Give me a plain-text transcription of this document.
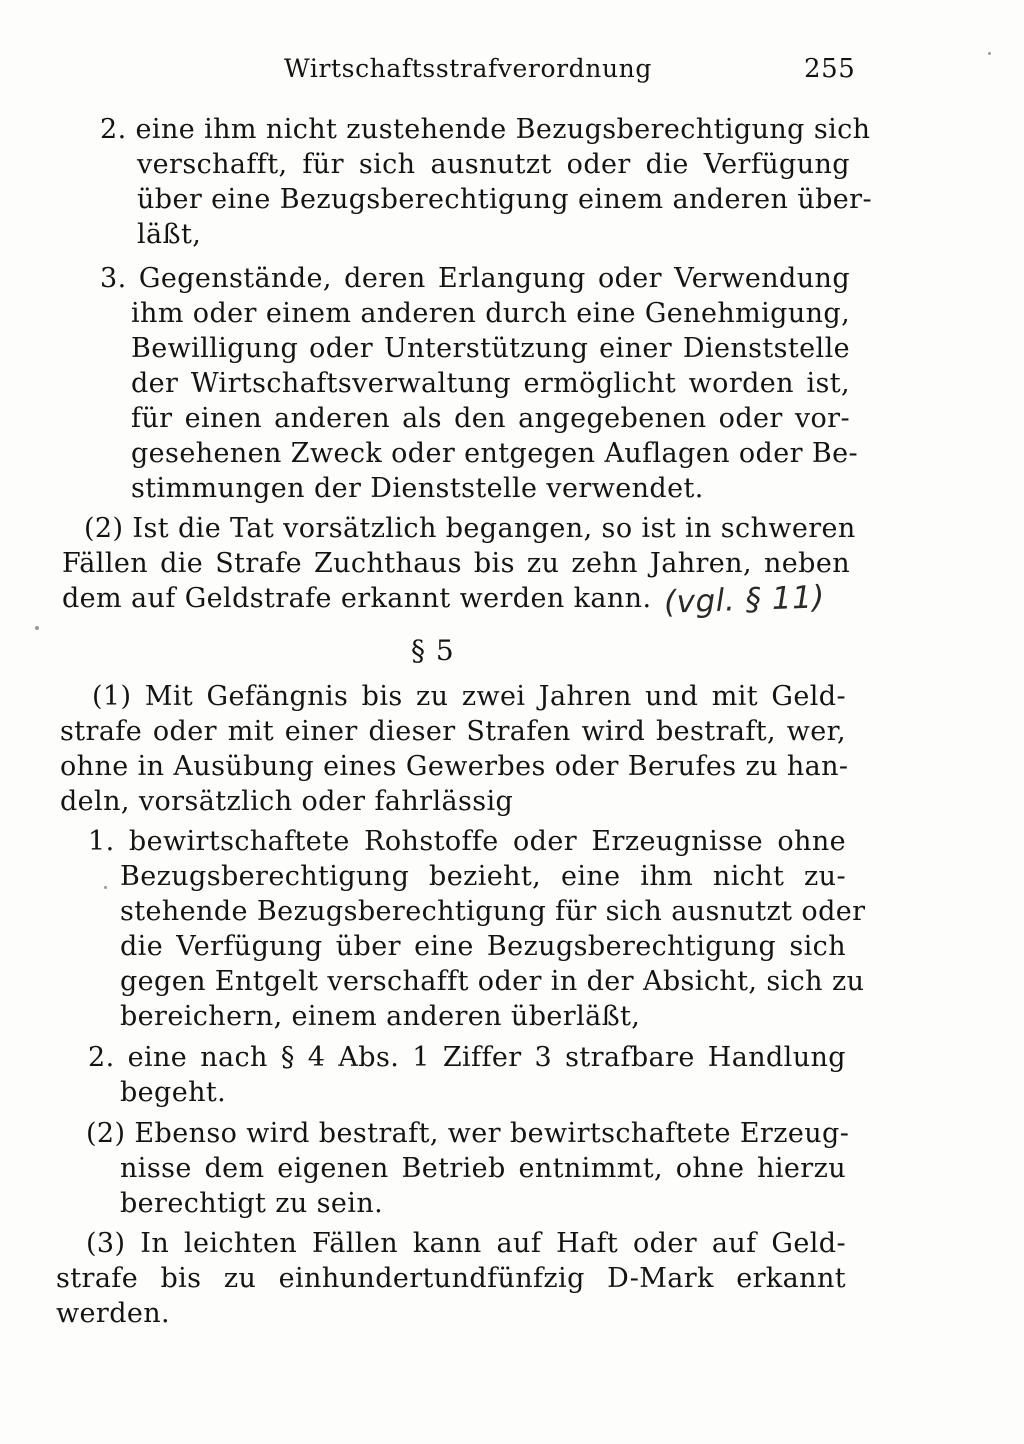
Wirtschaftsstrafverordnung	255
2. eine ihm nicht zustehende Bezugsberechtigung sich
verschafft, für sich ausnutzt oder die Verfügung
über eine Bezugsberechtigung einem anderen über-
läßt,
3. Gegenstände, deren Erlangung oder Verwendung
ihm oder einem anderen durch eine Genehmigung,
Bewilligung oder Unterstützung einer Dienststelle
der Wirtschaftsverwaltung ermöglicht worden ist,
für einen anderen als den angegebenen oder vor-
gesehenen Zweck oder entgegen Auflagen oder Be-
stimmungen der Dienststelle verwendet.
(2) Ist die Tat vorsätzlich begangen, so ist in schweren
Fällen die Strafe Zuchthaus bis zu zehn Jahren, neben
dem auf Geldstrafe erkannt werden kann. (vgl. § 11)
§ 5
(1) Mit Gefängnis bis zu zwei Jahren und mit Geld-
strafe oder mit einer dieser Strafen wird bestraft, wer,
ohne in Ausübung eines Gewerbes oder Berufes zu han-
deln, vorsätzlich oder fahrlässig
1. bewirtschaftete Rohstoffe oder Erzeugnisse ohne
Bezugsberechtigung bezieht, eine ihm nicht zu-
stehende Bezugsberechtigung für sich ausnutzt oder
die Verfügung über eine Bezugsberechtigung sich
gegen Entgelt verschafft oder in der Absicht, sich zu
bereichern, einem anderen überläßt,
2. eine nach § 4 Abs. 1 Ziffer 3 strafbare Handlung
begeht.
(2) Ebenso wird bestraft, wer bewirtschaftete Erzeug-
nisse dem eigenen Betrieb entnimmt, ohne hierzu
berechtigt zu sein.
(3) In leichten Fällen kann auf Haft oder auf Geld-
strafe bis zu einhundertundfünfzig D-Mark erkannt
werden.
